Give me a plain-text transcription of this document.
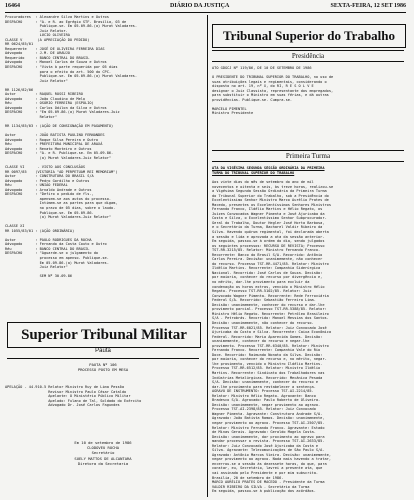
16464	DIÁRIO DA JUSTIÇA	SEXTA-FEIRA, 12 SET 1986
Procuradores  : Alexandre Silva Martins e Outros
DESPACHO      : "A. e R. ao Egrégio STF. Brasília, 03 de
Publique-se. Em 05.09.86.(a) Murat Valadares-
Juiz Relator.
LUCIO OLIVEIRA
CLASSE V       (A APRECIAÇÃO DO PEDIDO)
RR 0624/85/01
Requerente    : JOSÉ DE OLIVEIRA FERREIRA DIAS
Advogado      : J.M. DE ARAÚJO
Requerido     : BANCO CENTRAL DO BRASIL
Advogado      : Manoel Carlos de Souza e Outros
DESPACHO      : "Vista à parte requerida por 05 dias
para o efeito do art. 500 do CPC.
Publique-se. Em 05.09.86.(a) Murat Valadares-
Juiz Relator"
RR 1126/82/06
Autor         : RAQUEL ROSSI RIBEIRO
Advogado      : João Claudino de Melo
Réu           : OSÓRIO FERREIRA (ESPÓLIO)
Advogado      : Carlos Odilon da Silva e Outros
DESPACHO      : "Em 05.09.86.(a) Murat Valadares-Juiz
Relator"
RR 1134/85/03 : (AÇÃO DE CONSIGNAÇÃO EM PAGAMENTO)
Autor         : JOÃO BATISTA PAULINO FERNANDES
Advogado      : Roque Silva Pereira e Outro
Réu           : PREFEITURA MUNICIPAL DE ARAXÁ
Advogado      : Renato Monteiro e Outros
DESPACHO      : "A. e R. Publique-se. Em 05.09.86.
(a) Murat Valadares-Juiz Relator"
CLASSE VI      - VISTO AOS CONCLUSÃOS
RR 0097/85    (VISTORIA "AD PERPETUAM REI MEMORIAM")
Autor         : CONSTRUTORA DO BRASIL S/A
Advogado      : Pedro Gordilho e Outros
Réu           : UNIÃO FEDERAL
Advogado      : Arnaldo Andrade e Outros
DESPACHO      : "Defiro o pedido de fls.,
apensem-se aos autos do processo.
Intimem-se as partes para que digam,
no prazo de 05 dias, sobre o laudo.
Publique-se. Em 05.09.86.
(a) Murat Valadares-Juiz Relator"
CLASSE XI
RR 1055/83/01 : (AÇÃO ORDINÁRIA)
Autor         : PAULO RODRIGUES DA ROCHA
Advogado      : Fernando da Costa Couto e Outro
Réu           : BANCO CENTRAL DO BRASIL
DESPACHO      : "Aguarde-se o julgamento do
processo em apenso. Publique-se.
Em 05.09.86.(a) Murat Valadares-
Juiz Relator"
SEM Nº 30.09.86
Superior Tribunal Militar
Pauta
PAUTA Nº 106
PROCESSO POSTO EM MESA
APELAÇÃO - 44.910-5 Relator Ministro Ruy de Lima Pessôa
Revisor Ministro Paulo César Cataldo
Apelante: O Ministério Público Militar
Apelado: Fulano de Tal, Soldado do Exército
Advogado Dr. José Carlos Fagundes
Em 10 de setembro de 1986
CLODOVEU ROCHA
Secretário
SUELY MATTOS DE ALCANTARA
Diretora da Secretaria
Tribunal Superior do Trabalho
Presidência
ATO GDGCJ Nº 119/86, DE 10 DE SETEMBRO DE 1986
O PRESIDENTE DO TRIBUNAL SUPERIOR DO TRABALHO, no uso de
suas atribuições legais e regimentais, considerando o
disposto no art. 19, nº X, do RI, R E S O L V E
designar o Juiz Classista, representante dos empregados,
para substituir o Ministro em suas férias, e dá outras
providências. Publique-se. Cumpra-se.
MARCELO PIMENTEL
Ministro Presidente
Primeira Turma
ATA DA VIGÉSIMA SEGUNDA SESSÃO ORDINÁRIA DA PRIMEIRA
TURMA DO TRIBUNAL SUPERIOR DO TRABALHO
Aos vinte dias do mês de setembro do ano de mil
novecentos e oitenta e seis, às treze horas, realizou-se
a Vigésima Segunda Sessão Ordinária da Primeira Turma
do Tribunal Superior do Trabalho, sob a Presidência do
Excelentíssimo Senhor Ministro Marco Aurélio Prates de
Macedo, presentes os Excelentíssimos Senhores Ministros
Fernando Franco, Ildélio Martins e Hélio Regato, os
Juízes Convocados Wagner Pimenta e José Ajuricaba da
Costa e Silva, o Excelentíssimo Senhor Subprocurador-
Geral do Trabalho, Doutor Hegler José Horta Barbosa,
e o Secretário da Turma, Bacharel Valdir Ribeiro da
Silva. Havendo quórum regimental, foi declarada aberta
a sessão e lida e aprovada a ata da sessão anterior.
Em seguida, passou-se à ordem do dia, sendo julgados
os seguintes processos: RECURSO DE REVISTA; Processo
TST-RR-3215/85. Relator: Ministro Fernando Franco.
Recorrente: Banco do Brasil S/A. Recorrido: Antônio
Carlos Pereira. Decisão: unanimemente, não conhecer
do recurso. Processo TST-RR-4471/85. Relator: Ministro
Ildélio Martins. Recorrente: Companhia Siderúrgica
Nacional. Recorrido: José Carlos de Souza. Decisão:
por maioria, conhecer do recurso por divergência e,
no mérito, dar-lhe provimento para excluir da
condenação as horas extras, vencido o Ministro Hélio
Regato. Processo TST-RR-5102/85. Relator: Juiz
Convocado Wagner Pimenta. Recorrente: Rede Ferroviária
Federal S/A. Recorrido: Sebastião Ferreira Lima.
Decisão: unanimemente, conhecer do recurso e dar-lhe
provimento parcial. Processo TST-RR-5388/85. Relator:
Ministro Hélio Regato. Recorrente: Petróleo Brasileiro
S/A - Petrobrás. Recorrido: Manoel Messias dos Santos.
Decisão: unanimemente, não conhecer do recurso.
Processo TST-RR-6021/85. Relator: Juiz Convocado José
Ajuricaba da Costa e Silva. Recorrente: Caixa Econômica
Federal. Recorrido: Maria Aparecida Gomes. Decisão:
unanimemente, conhecer do recurso e negar-lhe
provimento. Processo TST-RR-6340/85. Relator: Ministro
Fernando Franco. Recorrente: Companhia Vale do Rio
Doce. Recorrido: Raimundo Nonato da Silva. Decisão:
por maioria, conhecer do recurso e, no mérito, negar-
lhe provimento, vencido o Ministro Ildélio Martins.
Processo TST-RR-6512/85. Relator: Ministro Ildélio
Martins. Recorrente: Sindicato dos Trabalhadores nas
Indústrias Metalúrgicas. Recorrido: Mecânica Pesada
S/A. Decisão: unanimemente, conhecer do recurso e
dar-lhe provimento para restabelecer a sentença.
AGRAVO DE INSTRUMENTO: Processo TST-AI-2214/85.
Relator: Ministro Hélio Regato. Agravante: Banco
Bradesco S/A. Agravado: Paulo Roberto de Oliveira.
Decisão: unanimemente, negar provimento ao agravo.
Processo TST-AI-2398/85. Relator: Juiz Convocado
Wagner Pimenta. Agravante: Construtora Andrade S/A.
Agravado: João Batista Ramos. Decisão: unanimemente,
negar provimento ao agravo. Processo TST-AI-2507/85.
Relator: Ministro Fernando Franco. Agravante: Estado
de Minas Gerais. Agravado: Geraldo Magela Costa.
Decisão: unanimemente, dar provimento ao agravo para
mandar processar a revista. Processo TST-AI-2633/85.
Relator: Juiz Convocado José Ajuricaba da Costa e
Silva. Agravante: Telecomunicações de São Paulo S/A.
Agravado: Antônio Marcos Vieira. Decisão: unanimemente,
negar provimento ao agravo. Nada mais havendo a tratar,
encerrou-se a sessão às dezessete horas, do que, para
constar, eu, Secretário, lavrei a presente ata, que
vai assinada pelo Presidente e por mim subscrita.
Brasília, 20 de setembro de 1986.
MARCO AURÉLIO PRATES DE MACEDO - Presidente da Turma
VALDIR RIBEIRO DA SILVA - Secretário da Turma
Em seguida, passou-se à publicação dos acórdãos.
